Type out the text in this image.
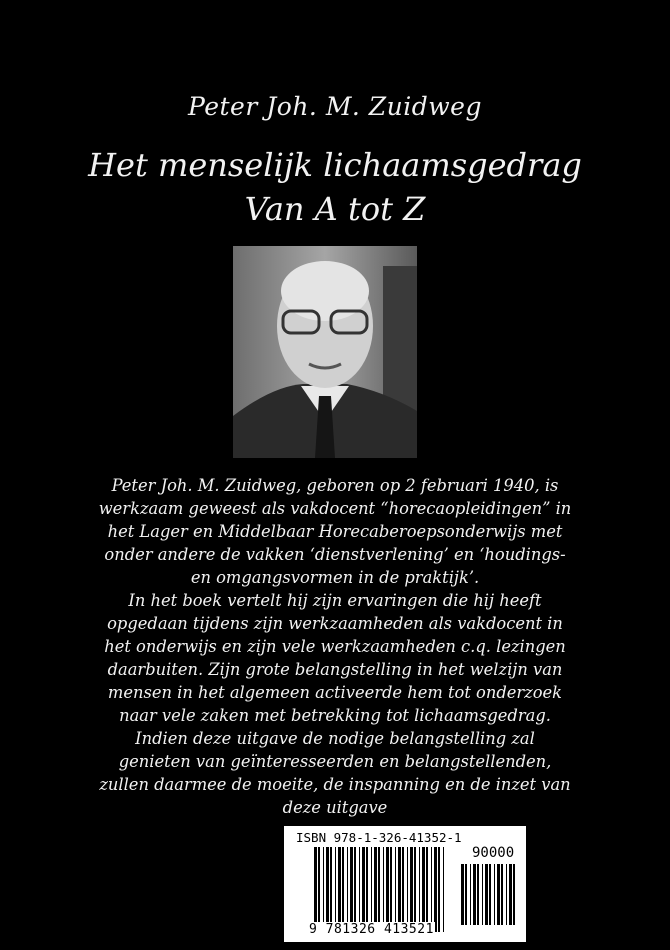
Peter Joh. M. Zuidweg
Het menselijk lichaamsgedrag
Van A tot Z
Peter Joh. M. Zuidweg, geboren op 2 februari 1940, is
werkzaam geweest als vakdocent “horecaopleidingen” in
het Lager en Middelbaar Horecaberoepsonderwijs met
onder andere de vakken ‘dienstverlening’ en ‘houdings-
en omgangsvormen in de praktijk’.
In het boek vertelt hij zijn ervaringen die hij heeft
opgedaan tijdens zijn werkzaamheden als vakdocent in
het onderwijs en zijn vele werkzaamheden c.q. lezingen
daarbuiten. Zijn grote belangstelling in het welzijn van
mensen in het algemeen activeerde hem tot onderzoek
naar vele zaken met betrekking tot lichaamsgedrag.
Indien deze uitgave de nodige belangstelling zal
genieten van geïnteresseerden en belangstellenden,
zullen daarmee de moeite, de inspanning en de inzet van
deze uitgave
ISBN 978-1-326-41352-1
90000
9 781326 413521
